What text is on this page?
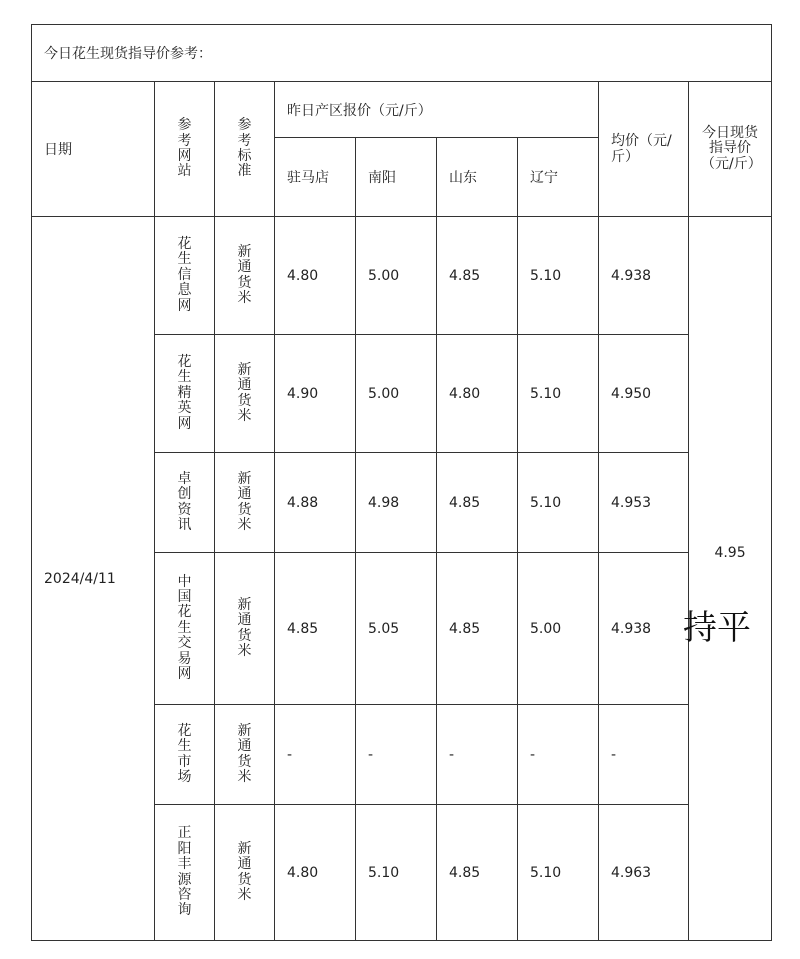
今日花生现货指导价参考：								
日期	参考网站	参考标准	昨日产区报价（元/斤）				均价（元/斤）	今日现货指导价（元/斤）
			驻马店	南阳	山东	辽宁		
2024/4/11	花生信息网	新通货米	4.80	5.00	4.85	5.10	4.938	4.95

	花生精英网	新通货米	4.90	5.00	4.80	5.10	4.950	
	卓创资讯	新通货米	4.88	4.98	4.85	5.10	4.953	
	中国花生交易网	新通货米	4.85	5.05	4.85	5.00	4.938	
	花生市场	新通货米	-	-	-	-	-	
	正阳丰源咨询	新通货米	4.80	5.10	4.85	5.10	4.963	
持平
